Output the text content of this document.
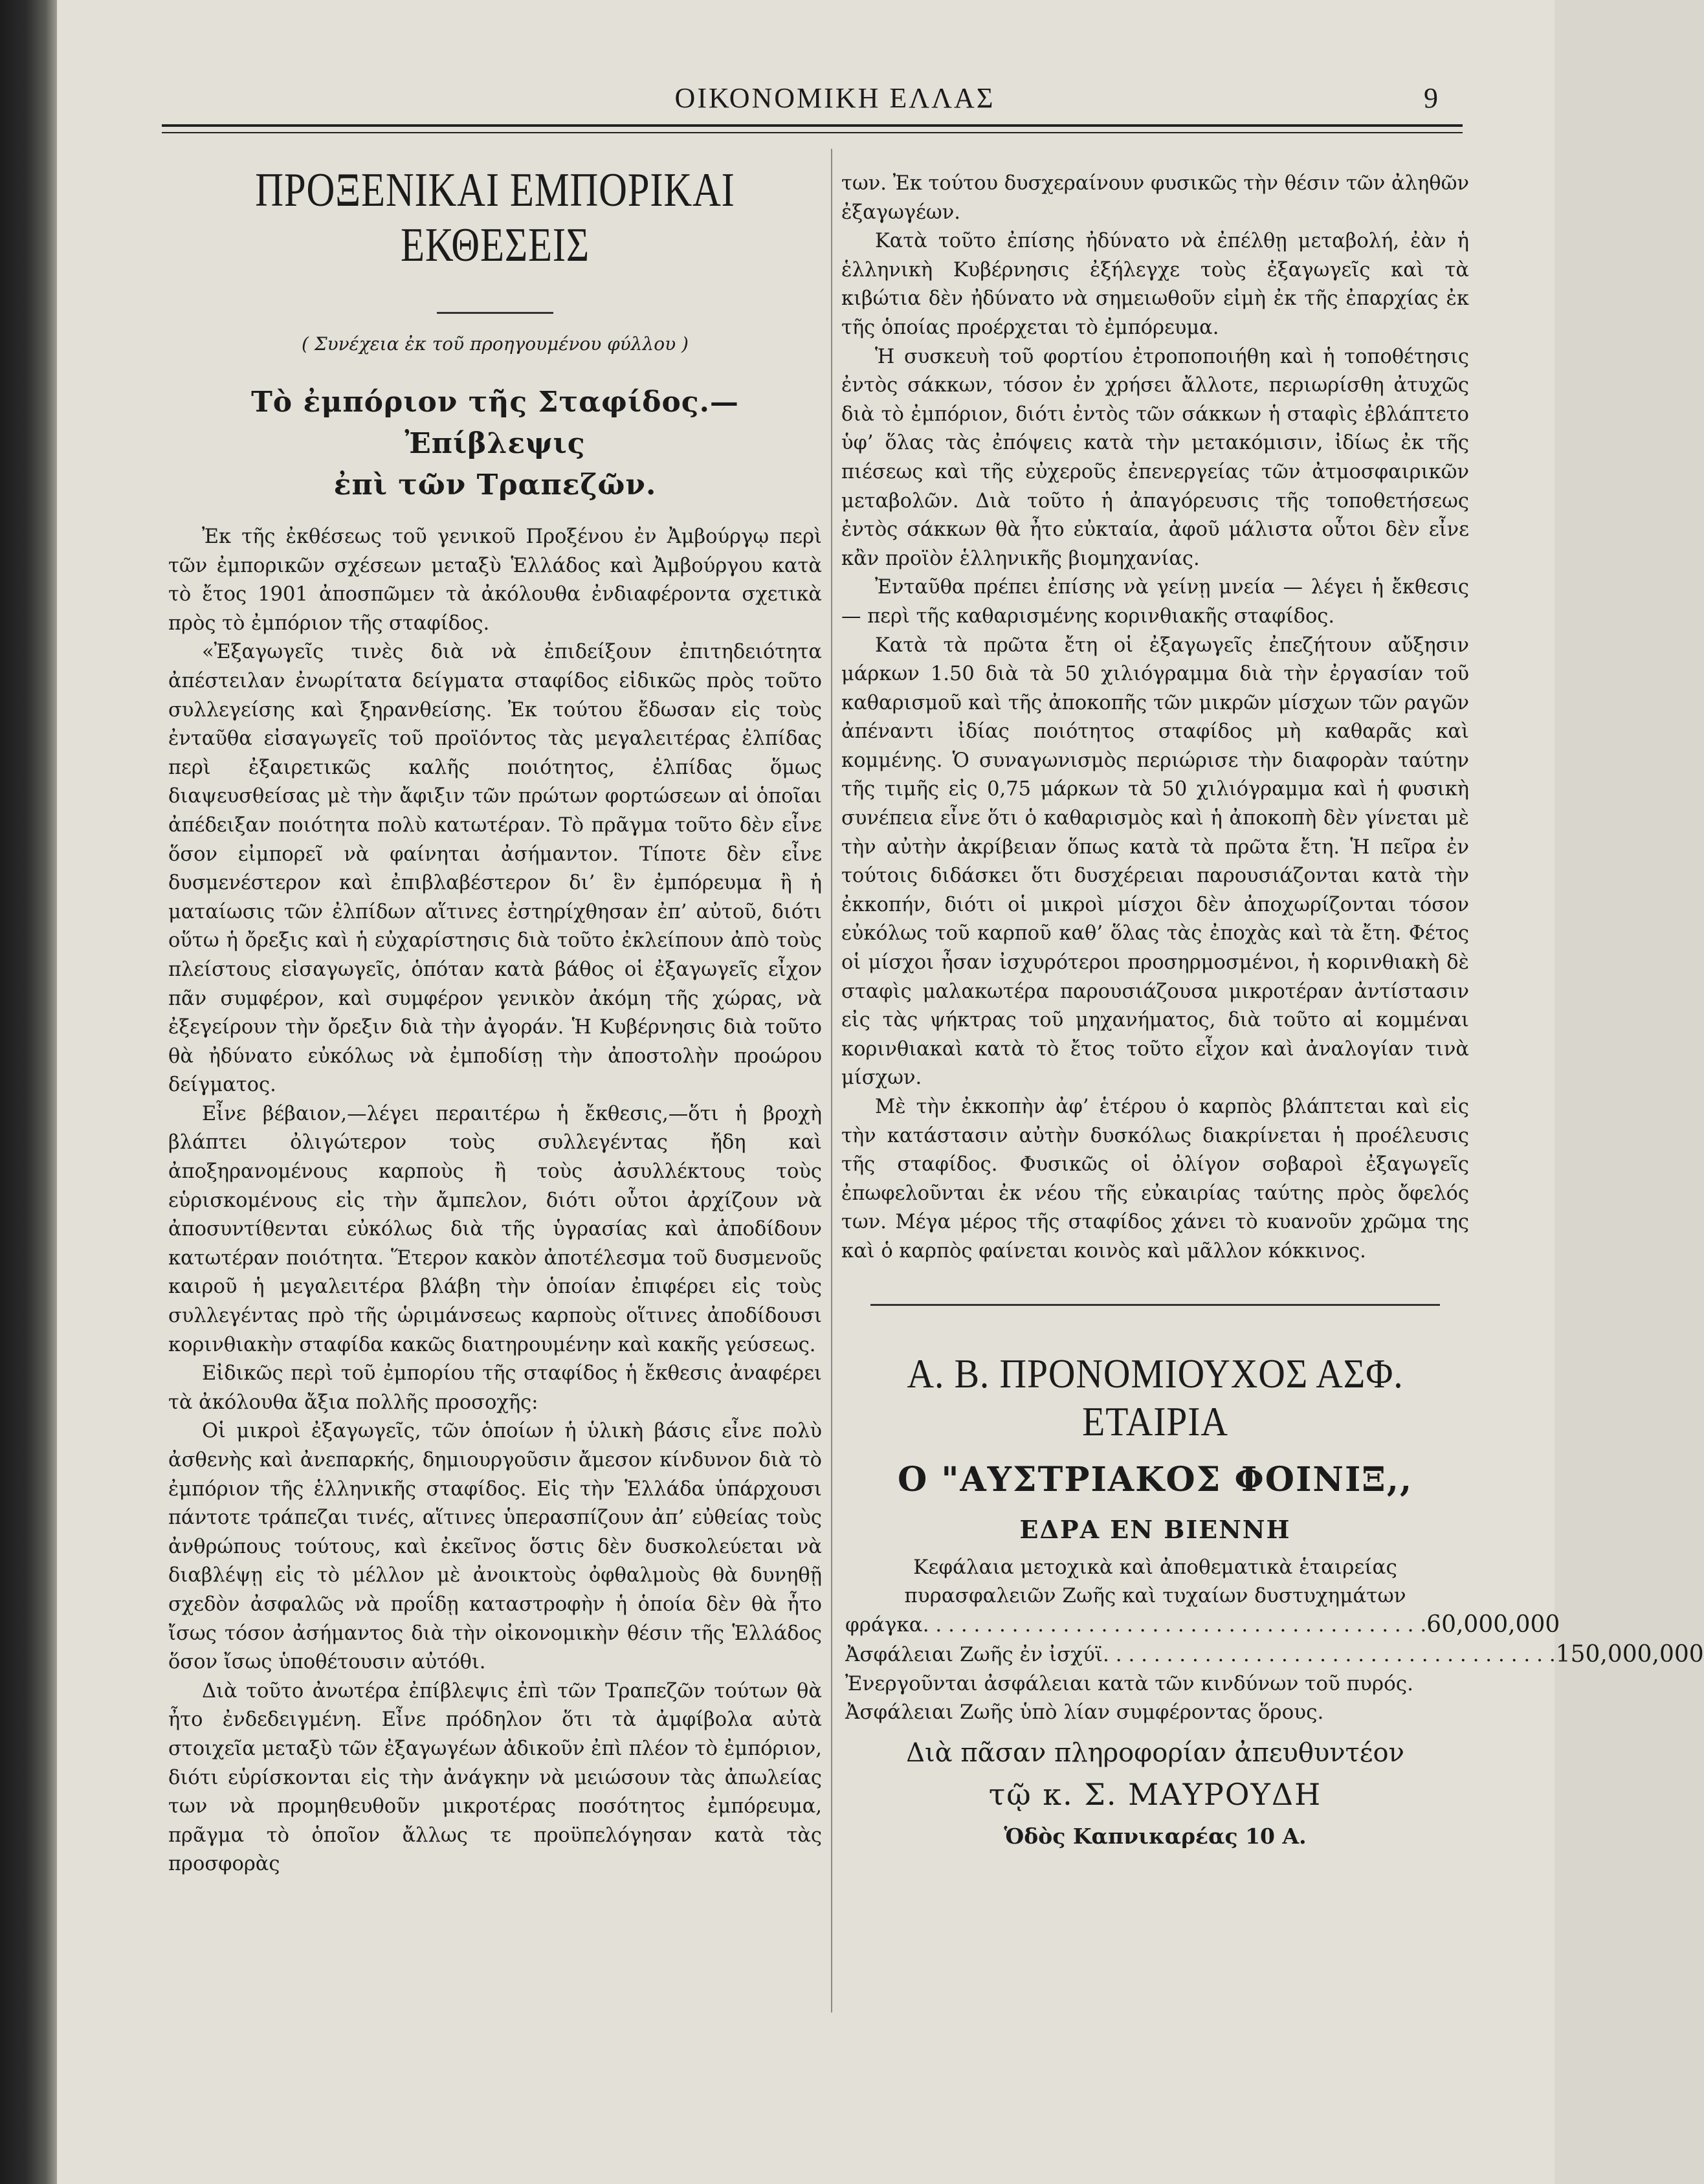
ΟΙΚΟΝΟΜΙΚΗ ΕΛΛΑΣ	9
ΠΡΟΞΕΝΙΚΑΙ ΕΜΠΟΡΙΚΑΙ ΕΚΘΕΣΕΙΣ
( Συνέχεια ἐκ τοῦ προηγουμένου φύλλου )
Τὸ ἐμπόριον τῆς Σταφίδος.—Ἐπίβλεψις
ἐπὶ τῶν Τραπεζῶν.

Ἐκ τῆς ἐκθέσεως τοῦ γενικοῦ Προξένου ἐν Ἀμβούργῳ περὶ τῶν ἐμπορικῶν σχέσεων μεταξὺ Ἑλλάδος καὶ Ἀμβούργου κατὰ τὸ ἔτος 1901 ἀποσπῶμεν τὰ ἀκόλουθα ἐνδιαφέροντα σχετικὰ πρὸς τὸ ἐμπόριον τῆς σταφίδος.

«Ἐξαγωγεῖς τινὲς διὰ νὰ ἐπιδείξουν ἐπιτηδειότητα ἀπέστειλαν ἐνωρίτατα δείγματα σταφίδος εἰδικῶς πρὸς τοῦτο συλλεγείσης καὶ ξηρανθείσης. Ἐκ τούτου ἔδωσαν εἰς τοὺς ἐνταῦθα εἰσαγωγεῖς τοῦ προϊόντος τὰς μεγαλειτέρας ἐλπίδας περὶ ἐξαιρετικῶς καλῆς ποιότητος, ἐλπίδας ὅμως διαψευσθείσας μὲ τὴν ἄφιξιν τῶν πρώτων φορτώσεων αἱ ὁποῖαι ἀπέδειξαν ποιότητα πολὺ κατωτέραν. Τὸ πρᾶγμα τοῦτο δὲν εἶνε ὅσον εἰμπορεῖ νὰ φαίνηται ἀσήμαντον. Τίποτε δὲν εἶνε δυσμενέστερον καὶ ἐπιβλαβέστερον δι’ ἓν ἐμπόρευμα ἢ ἡ ματαίωσις τῶν ἐλπίδων αἵτινες ἐστηρίχθησαν ἐπ’ αὐτοῦ, διότι οὕτω ἡ ὄρεξις καὶ ἡ εὐχαρίστησις διὰ τοῦτο ἐκλείπουν ἀπὸ τοὺς πλείστους εἰσαγωγεῖς, ὁπόταν κατὰ βάθος οἱ ἐξαγωγεῖς εἶχον πᾶν συμφέρον, καὶ συμφέρον γενικὸν ἀκόμη τῆς χώρας, νὰ ἐξεγείρουν τὴν ὄρεξιν διὰ τὴν ἀγοράν. Ἡ Κυβέρνησις διὰ τοῦτο θὰ ἠδύνατο εὐκόλως νὰ ἐμποδίσῃ τὴν ἀποστολὴν προώρου δείγματος.

Εἶνε βέβαιον,—λέγει περαιτέρω ἡ ἔκθεσις,—ὅτι ἡ βροχὴ βλάπτει ὀλιγώτερον τοὺς συλλεγέντας ἤδη καὶ ἀποξηρανομένους καρποὺς ἢ τοὺς ἀσυλλέκτους τοὺς εὑρισκομένους εἰς τὴν ἄμπελον, διότι οὗτοι ἀρχίζουν νὰ ἀποσυντίθενται εὐκόλως διὰ τῆς ὑγρασίας καὶ ἀποδίδουν κατωτέραν ποιότητα. Ἕτερον κακὸν ἀποτέλεσμα τοῦ δυσμενοῦς καιροῦ ἡ μεγαλειτέρα βλάβη τὴν ὁποίαν ἐπιφέρει εἰς τοὺς συλλεγέντας πρὸ τῆς ὡριμάνσεως καρποὺς οἵτινες ἀποδίδουσι κορινθιακὴν σταφίδα κακῶς διατηρουμένην καὶ κακῆς γεύσεως.

Εἰδικῶς περὶ τοῦ ἐμπορίου τῆς σταφίδος ἡ ἔκθεσις ἀναφέρει τὰ ἀκόλουθα ἄξια πολλῆς προσοχῆς:

Οἱ μικροὶ ἐξαγωγεῖς, τῶν ὁποίων ἡ ὑλικὴ βάσις εἶνε πολὺ ἀσθενὴς καὶ ἀνεπαρκής, δημιουργοῦσιν ἄμεσον κίνδυνον διὰ τὸ ἐμπόριον τῆς ἑλληνικῆς σταφίδος. Εἰς τὴν Ἑλλάδα ὑπάρχουσι πάντοτε τράπεζαι τινές, αἵτινες ὑπερασπίζουν ἀπ’ εὐθείας τοὺς ἀνθρώπους τούτους, καὶ ἐκεῖνος ὅστις δὲν δυσκολεύεται νὰ διαβλέψῃ εἰς τὸ μέλλον μὲ ἀνοικτοὺς ὀφθαλμοὺς θὰ δυνηθῇ σχεδὸν ἀσφαλῶς νὰ προΐδῃ καταστροφὴν ἡ ὁποία δὲν θὰ ἦτο ἴσως τόσον ἀσήμαντος διὰ τὴν οἰκονομικὴν θέσιν τῆς Ἑλλάδος ὅσον ἴσως ὑποθέτουσιν αὐτόθι.

Διὰ τοῦτο ἀνωτέρα ἐπίβλεψις ἐπὶ τῶν Τραπεζῶν τούτων θὰ ἦτο ἐνδεδειγμένη. Εἶνε πρόδηλον ὅτι τὰ ἀμφίβολα αὐτὰ στοιχεῖα μεταξὺ τῶν ἐξαγωγέων ἀδικοῦν ἐπὶ πλέον τὸ ἐμπόριον, διότι εὑρίσκονται εἰς τὴν ἀνάγκην νὰ μειώσουν τὰς ἀπωλείας των νὰ προμηθευθοῦν μικροτέρας ποσότητος ἐμπόρευμα, πρᾶγμα τὸ ὁποῖον ἄλλως τε προϋπελόγησαν κατὰ τὰς προσφορὰς

των. Ἐκ τούτου δυσχεραίνουν φυσικῶς τὴν θέσιν τῶν ἀληθῶν ἐξαγωγέων.

Κατὰ τοῦτο ἐπίσης ἠδύνατο νὰ ἐπέλθῃ μεταβολή, ἐὰν ἡ ἑλληνικὴ Κυβέρνησις ἐξήλεγχε τοὺς ἐξαγωγεῖς καὶ τὰ κιβώτια δὲν ἠδύνατο νὰ σημειωθοῦν εἰμὴ ἐκ τῆς ἐπαρχίας ἐκ τῆς ὁποίας προέρχεται τὸ ἐμπόρευμα.

Ἡ συσκευὴ τοῦ φορτίου ἐτροποποιήθη καὶ ἡ τοποθέτησις ἐντὸς σάκκων, τόσον ἐν χρήσει ἄλλοτε, περιωρίσθη ἀτυχῶς διὰ τὸ ἐμπόριον, διότι ἐντὸς τῶν σάκκων ἡ σταφὶς ἐβλάπτετο ὑφ’ ὅλας τὰς ἐπόψεις κατὰ τὴν μετακόμισιν, ἰδίως ἐκ τῆς πιέσεως καὶ τῆς εὐχεροῦς ἐπενεργείας τῶν ἀτμοσφαιρικῶν μεταβολῶν. Διὰ τοῦτο ἡ ἀπαγόρευσις τῆς τοποθετήσεως ἐντὸς σάκκων θὰ ἦτο εὐκταία, ἀφοῦ μάλιστα οὗτοι δὲν εἶνε κἂν προϊὸν ἑλληνικῆς βιομηχανίας.

Ἐνταῦθα πρέπει ἐπίσης νὰ γείνῃ μνεία — λέγει ἡ ἔκθεσις — περὶ τῆς καθαρισμένης κορινθιακῆς σταφίδος.

Κατὰ τὰ πρῶτα ἔτη οἱ ἐξαγωγεῖς ἐπεζήτουν αὔξησιν μάρκων 1.50 διὰ τὰ 50 χιλιόγραμμα διὰ τὴν ἐργασίαν τοῦ καθαρισμοῦ καὶ τῆς ἀποκοπῆς τῶν μικρῶν μίσχων τῶν ραγῶν ἀπέναντι ἰδίας ποιότητος σταφίδος μὴ καθαρᾶς καὶ κομμένης. Ὁ συναγωνισμὸς περιώρισε τὴν διαφορὰν ταύτην τῆς τιμῆς εἰς 0,75 μάρκων τὰ 50 χιλιόγραμμα καὶ ἡ φυσικὴ συνέπεια εἶνε ὅτι ὁ καθαρισμὸς καὶ ἡ ἀποκοπὴ δὲν γίνεται μὲ τὴν αὐτὴν ἀκρίβειαν ὅπως κατὰ τὰ πρῶτα ἔτη. Ἡ πεῖρα ἐν τούτοις διδάσκει ὅτι δυσχέρειαι παρουσιάζονται κατὰ τὴν ἐκκοπήν, διότι οἱ μικροὶ μίσχοι δὲν ἀποχωρίζονται τόσον εὐκόλως τοῦ καρποῦ καθ’ ὅλας τὰς ἐποχὰς καὶ τὰ ἔτη. Φέτος οἱ μίσχοι ἦσαν ἰσχυρότεροι προσηρμοσμένοι, ἡ κορινθιακὴ δὲ σταφὶς μαλακωτέρα παρουσιάζουσα μικροτέραν ἀντίστασιν εἰς τὰς ψήκτρας τοῦ μηχανήματος, διὰ τοῦτο αἱ κομμέναι κορινθιακαὶ κατὰ τὸ ἔτος τοῦτο εἶχον καὶ ἀναλογίαν τινὰ μίσχων.

Μὲ τὴν ἐκκοπὴν ἀφ’ ἑτέρου ὁ καρπὸς βλάπτεται καὶ εἰς τὴν κατάστασιν αὐτὴν δυσκόλως διακρίνεται ἡ προέλευσις τῆς σταφίδος. Φυσικῶς οἱ ὀλίγον σοβαροὶ ἐξαγωγεῖς ἐπωφελοῦνται ἐκ νέου τῆς εὐκαιρίας ταύτης πρὸς ὄφελός των. Μέγα μέρος τῆς σταφίδος χάνει τὸ κυανοῦν χρῶμα της καὶ ὁ καρπὸς φαίνεται κοινὸς καὶ μᾶλλον κόκκινος.

Α. Β. ΠΡΟΝΟΜΙΟΥΧΟΣ ΑΣΦ. ΕΤΑΙΡΙΑ
Ο "ΑΥΣΤΡΙΑΚΟΣ ΦΟΙΝΙΞ,,
ΕΔΡΑ ΕΝ ΒΙΕΝΝΗ
Κεφάλαια μετοχικὰ καὶ ἀποθεματικὰ ἑταιρείας πυρασφαλειῶν Ζωῆς καὶ τυχαίων δυστυχημάτων
φράγκα . . . . . . . . . . . . . . . . . . . . . . . . . . . . . . . . . . . . . . . . 60,000,000
Ἀσφάλειαι Ζωῆς ἐν ἰσχύϊ . . . . . . . . . . . . . . . . . . . . . . . . . . . . . . . . . . . . 150,000,000
Ἐνεργοῦνται ἀσφάλειαι κατὰ τῶν κινδύνων τοῦ πυρός.
Ἀσφάλειαι Ζωῆς ὑπὸ λίαν συμφέροντας ὅρους.
Διὰ πᾶσαν πληροφορίαν ἀπευθυντέον
τῷ κ. Σ. ΜΑΥΡΟΥΔΗ
Ὁδὸς Καπνικαρέας 10 Α.
